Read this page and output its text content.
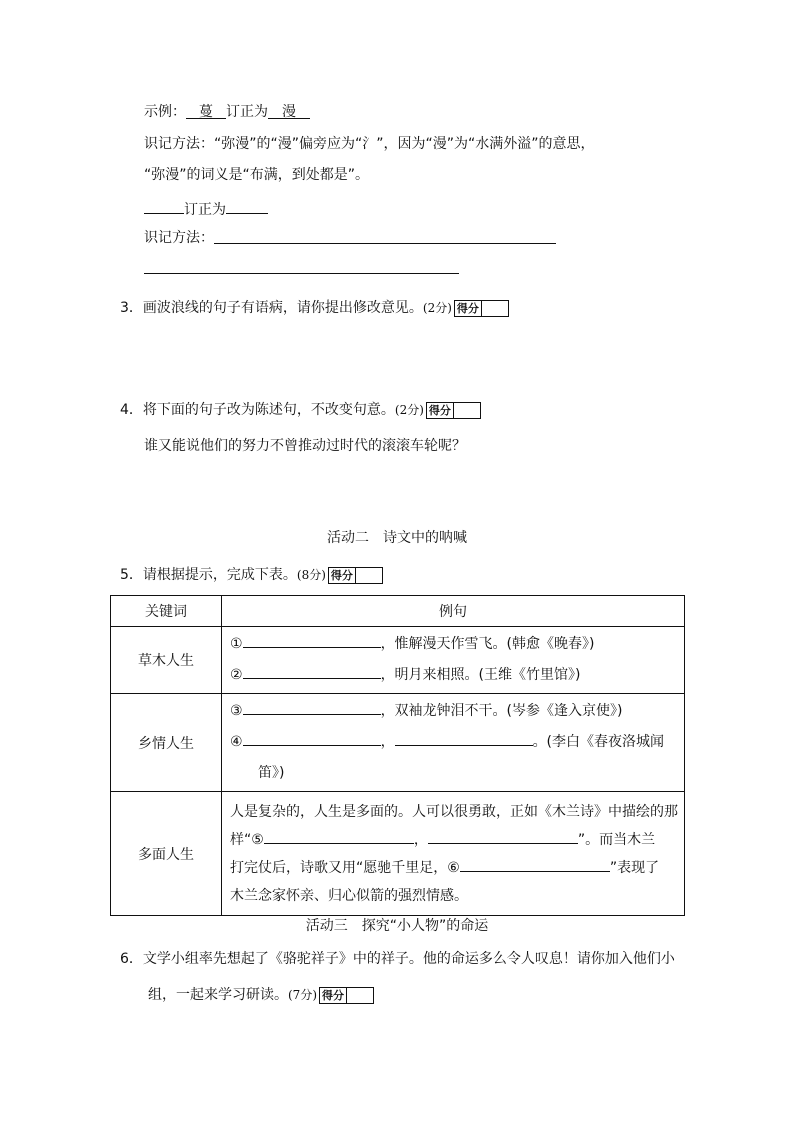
示例： 蔓 订正为 漫
识记方法：“弥漫”的“漫”偏旁应为“氵”，因为“漫”为“水满外溢”的意思，
“弥漫”的词义是“布满，到处都是”。
订正为
识记方法：
3．画波浪线的句子有语病，请你提出修改意见。(2分) 得分
4．将下面的句子改为陈述句，不改变句意。(2分) 得分
谁又能说他们的努力不曾推动过时代的滚滚车轮呢？
活动二　诗文中的呐喊
5．请根据提示，完成下表。(8分) 得分
关键词	例句
草木人生	① ，惟解漫天作雪飞。(韩愈《晚春》)
② ，明月来相照。(王维《竹里馆》)

乡情人生	③ ，双袖龙钟泪不干。(岑参《逢入京使》)
④ ， 。(李白《春夜洛城闻
笛》)

多面人生	人是复杂的，人生是多面的。人可以很勇敢，正如《木兰诗》中描绘的那
样“⑤ ， ”。而当木兰
打完仗后，诗歌又用“愿驰千里足，⑥ ”表现了
木兰念家怀亲、归心似箭的强烈情感。
活动三　探究“小人物”的命运
6．文学小组率先想起了《骆驼祥子》中的祥子。他的命运多么令人叹息！请你加入他们小
组，一起来学习研读。(7分) 得分
